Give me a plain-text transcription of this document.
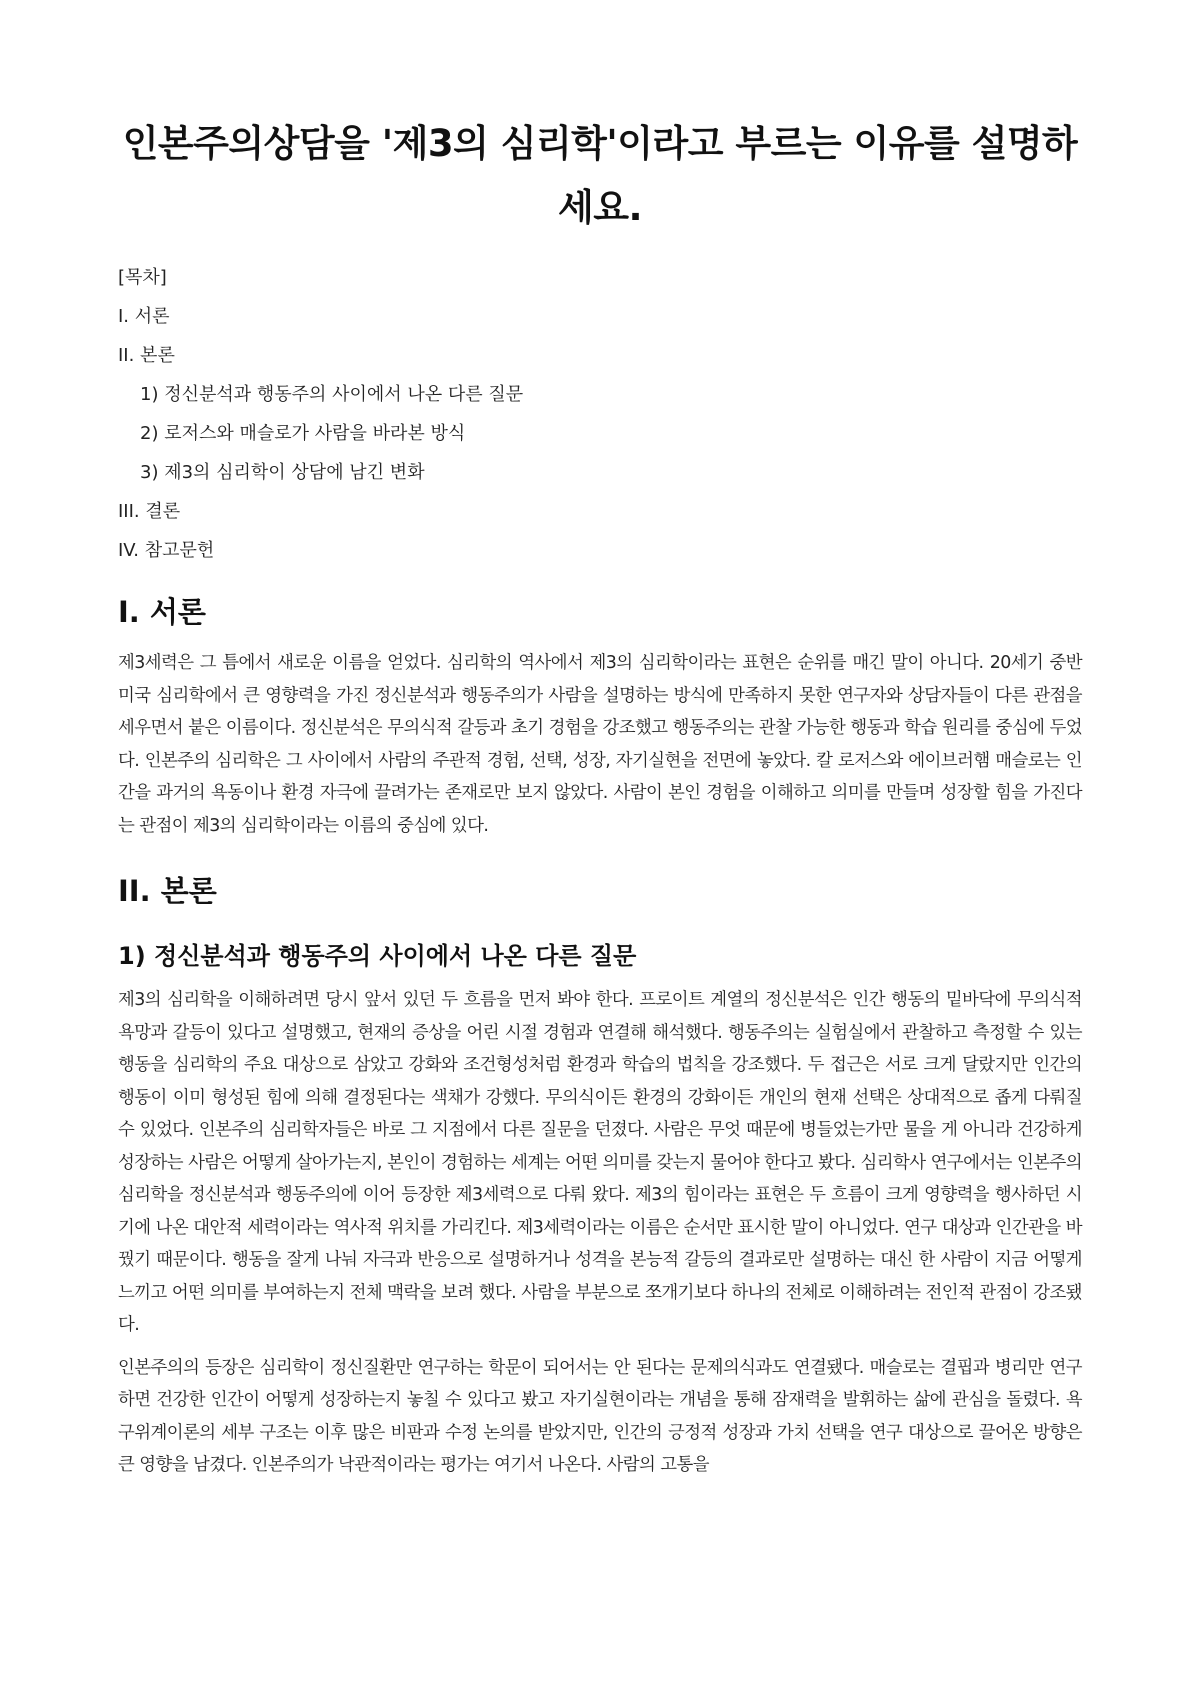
인본주의상담을 '제3의 심리학'이라고 부르는 이유를 설명하세요.
[목차]
I. 서론
II. 본론
1) 정신분석과 행동주의 사이에서 나온 다른 질문
2) 로저스와 매슬로가 사람을 바라본 방식
3) 제3의 심리학이 상담에 남긴 변화
III. 결론
IV. 참고문헌
I. 서론

제3세력은 그 틈에서 새로운 이름을 얻었다. 심리학의 역사에서 제3의 심리학이라는 표현은 순위를 매긴 말이 아니다. 20세기 중반 미국 심리학에서 큰 영향력을 가진 정신분석과 행동주의가 사람을 설명하는 방식에 만족하지 못한 연구자와 상담자들이 다른 관점을 세우면서 붙은 이름이다. 정신분석은 무의식적 갈등과 초기 경험을 강조했고 행동주의는 관찰 가능한 행동과 학습 원리를 중심에 두었다. 인본주의 심리학은 그 사이에서 사람의 주관적 경험, 선택, 성장, 자기실현을 전면에 놓았다. 칼 로저스와 에이브러햄 매슬로는 인간을 과거의 욕동이나 환경 자극에 끌려가는 존재로만 보지 않았다. 사람이 본인 경험을 이해하고 의미를 만들며 성장할 힘을 가진다는 관점이 제3의 심리학이라는 이름의 중심에 있다.

II. 본론
1) 정신분석과 행동주의 사이에서 나온 다른 질문

제3의 심리학을 이해하려면 당시 앞서 있던 두 흐름을 먼저 봐야 한다. 프로이트 계열의 정신분석은 인간 행동의 밑바닥에 무의식적 욕망과 갈등이 있다고 설명했고, 현재의 증상을 어린 시절 경험과 연결해 해석했다. 행동주의는 실험실에서 관찰하고 측정할 수 있는 행동을 심리학의 주요 대상으로 삼았고 강화와 조건형성처럼 환경과 학습의 법칙을 강조했다. 두 접근은 서로 크게 달랐지만 인간의 행동이 이미 형성된 힘에 의해 결정된다는 색채가 강했다. 무의식이든 환경의 강화이든 개인의 현재 선택은 상대적으로 좁게 다뤄질 수 있었다. 인본주의 심리학자들은 바로 그 지점에서 다른 질문을 던졌다. 사람은 무엇 때문에 병들었는가만 물을 게 아니라 건강하게 성장하는 사람은 어떻게 살아가는지, 본인이 경험하는 세계는 어떤 의미를 갖는지 물어야 한다고 봤다. 심리학사 연구에서는 인본주의 심리학을 정신분석과 행동주의에 이어 등장한 제3세력으로 다뤄 왔다. 제3의 힘이라는 표현은 두 흐름이 크게 영향력을 행사하던 시기에 나온 대안적 세력이라는 역사적 위치를 가리킨다. 제3세력이라는 이름은 순서만 표시한 말이 아니었다. 연구 대상과 인간관을 바꿨기 때문이다. 행동을 잘게 나눠 자극과 반응으로 설명하거나 성격을 본능적 갈등의 결과로만 설명하는 대신 한 사람이 지금 어떻게 느끼고 어떤 의미를 부여하는지 전체 맥락을 보려 했다. 사람을 부분으로 쪼개기보다 하나의 전체로 이해하려는 전인적 관점이 강조됐다.

인본주의의 등장은 심리학이 정신질환만 연구하는 학문이 되어서는 안 된다는 문제의식과도 연결됐다. 매슬로는 결핍과 병리만 연구하면 건강한 인간이 어떻게 성장하는지 놓칠 수 있다고 봤고 자기실현이라는 개념을 통해 잠재력을 발휘하는 삶에 관심을 돌렸다. 욕구위계이론의 세부 구조는 이후 많은 비판과 수정 논의를 받았지만, 인간의 긍정적 성장과 가치 선택을 연구 대상으로 끌어온 방향은 큰 영향을 남겼다. 인본주의가 낙관적이라는 평가는 여기서 나온다. 사람의 고통을
